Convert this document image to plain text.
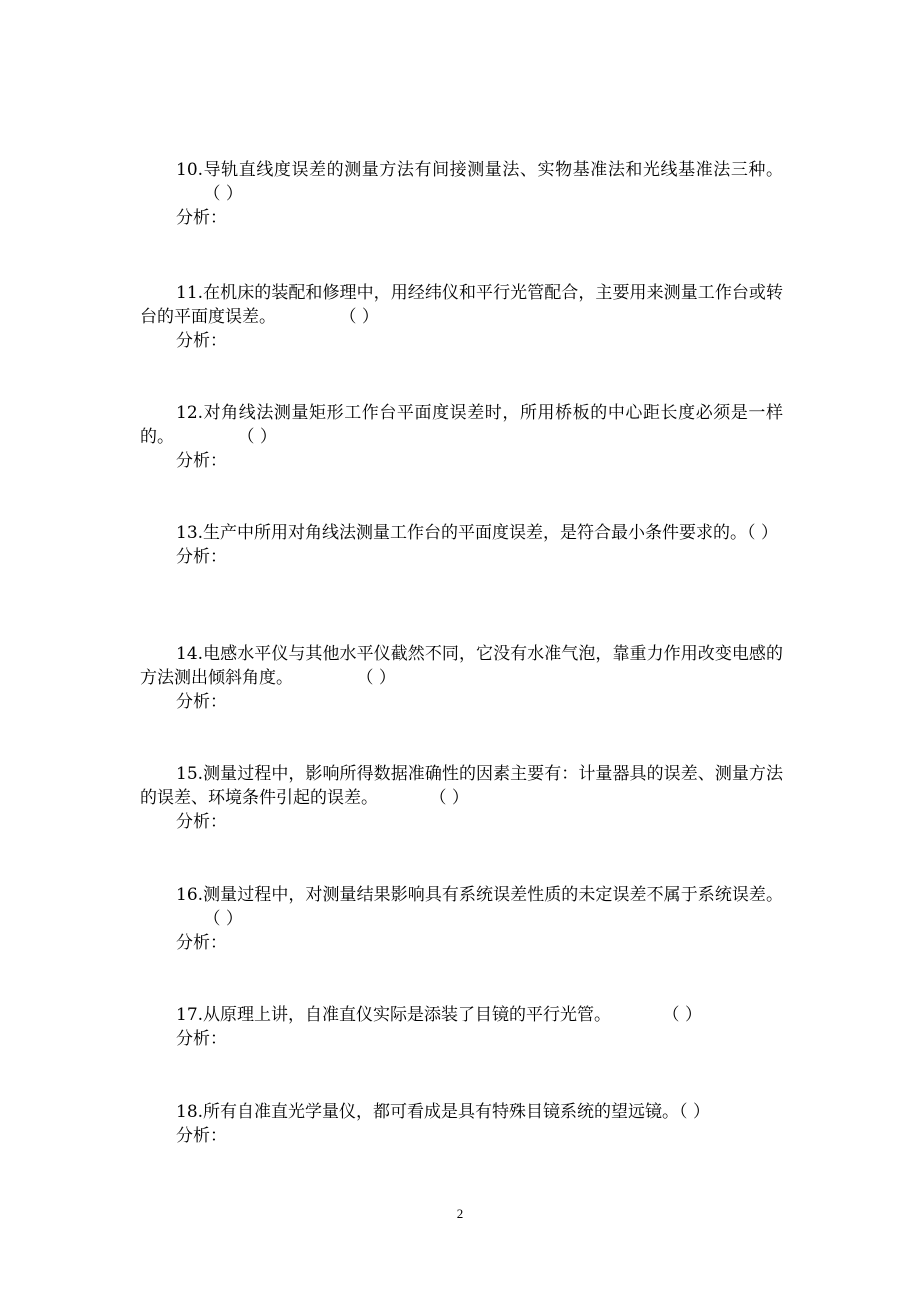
10.导轨直线度误差的测量方法有间接测量法、实物基准法和光线基准法三种。（ ）

分析：

11.在机床的装配和修理中，用经纬仪和平行光管配合，主要用来测量工作台或转台的平面度误差。	（ ）

分析：

12.对角线法测量矩形工作台平面度误差时，所用桥板的中心距长度必须是一样的。	（ ）

分析：

13.生产中所用对角线法测量工作台的平面度误差，是符合最小条件要求的。（ ）

分析：

14.电感水平仪与其他水平仪截然不同，它没有水准气泡，靠重力作用改变电感的方法测出倾斜角度。	（ ）

分析：

15.测量过程中，影响所得数据准确性的因素主要有：计量器具的误差、测量方法的误差、环境条件引起的误差。	（ ）

分析：

16.测量过程中，对测量结果影响具有系统误差性质的未定误差不属于系统误差。（ ）

分析：

17.从原理上讲，自准直仪实际是添装了目镜的平行光管。	（ ）

分析：

18.所有自准直光学量仪，都可看成是具有特殊目镜系统的望远镜。（ ）

分析：

2
